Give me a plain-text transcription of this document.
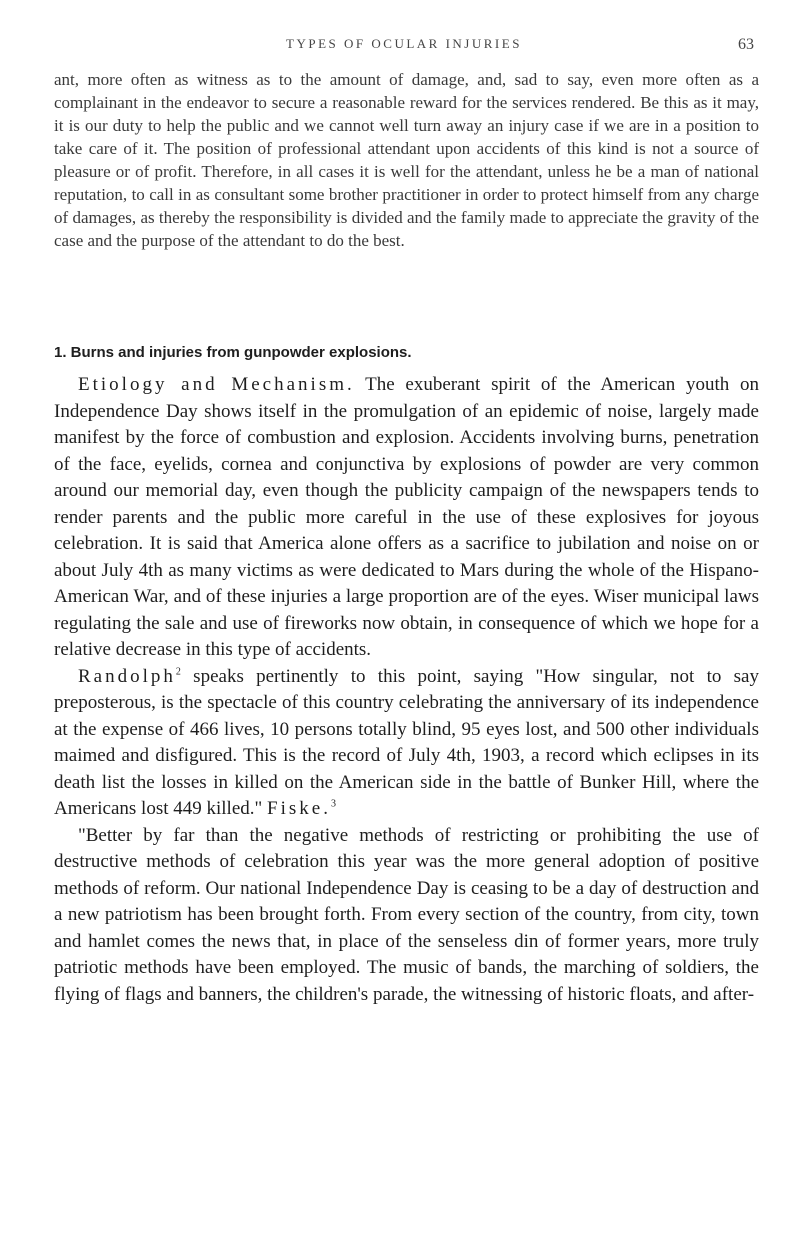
TYPES OF OCULAR INJURIES	63

ant, more often as witness as to the amount of damage, and, sad to say, even more often as a complainant in the endeavor to secure a reasonable reward for the services rendered. Be this as it may, it is our duty to help the public and we cannot well turn away an injury case if we are in a position to take care of it. The position of professional attendant upon accidents of this kind is not a source of pleasure or of profit. Therefore, in all cases it is well for the attendant, unless he be a man of national reputation, to call in as consultant some brother practitioner in order to protect himself from any charge of damages, as thereby the responsibility is divided and the family made to appreciate the gravity of the case and the purpose of the attendant to do the best.

1. Burns and injuries from gunpowder explosions.

Etiology and Mechanism. The exuberant spirit of the American youth on Independence Day shows itself in the promulgation of an epidemic of noise, largely made manifest by the force of combustion and explosion. Accidents involving burns, penetration of the face, eyelids, cornea and conjunctiva by explosions of powder are very common around our memorial day, even though the publicity campaign of the newspapers tends to render parents and the public more careful in the use of these explosives for joyous celebration. It is said that America alone offers as a sacrifice to jubilation and noise on or about July 4th as many victims as were dedicated to Mars during the whole of the Hispano-American War, and of these injuries a large proportion are of the eyes. Wiser municipal laws regulating the sale and use of fireworks now obtain, in consequence of which we hope for a relative decrease in this type of accidents.

Randolph$^2$ speaks pertinently to this point, saying "How singular, not to say preposterous, is the spectacle of this country celebrating the anniversary of its independence at the expense of 466 lives, 10 persons totally blind, 95 eyes lost, and 500 other individuals maimed and disfigured. This is the record of July 4th, 1903, a record which eclipses in its death list the losses in killed on the American side in the battle of Bunker Hill, where the Americans lost 449 killed." Fiske.$^3$

"Better by far than the negative methods of restricting or prohibiting the use of destructive methods of celebration this year was the more general adoption of positive methods of reform. Our national Independence Day is ceasing to be a day of destruction and a new patriotism has been brought forth. From every section of the country, from city, town and hamlet comes the news that, in place of the senseless din of former years, more truly patriotic methods have been employed. The music of bands, the marching of soldiers, the flying of flags and banners, the children's parade, the witnessing of historic floats, and after-
